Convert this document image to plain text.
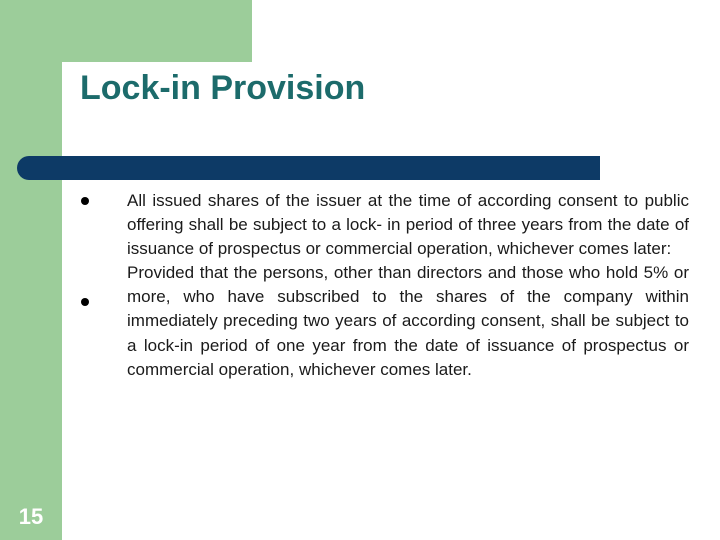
Lock-in Provision

All issued shares of the issuer at the time of according consent to public offering shall be subject to a lock- in period of three years from the date of issuance of prospectus or commercial operation, whichever comes later:

Provided that the persons, other than directors and those who hold 5% or more, who have subscribed to the shares of the company within immediately preceding two years of according consent, shall be subject to a lock-in period of one year from the date of issuance of prospectus or commercial operation, whichever comes later.

15
